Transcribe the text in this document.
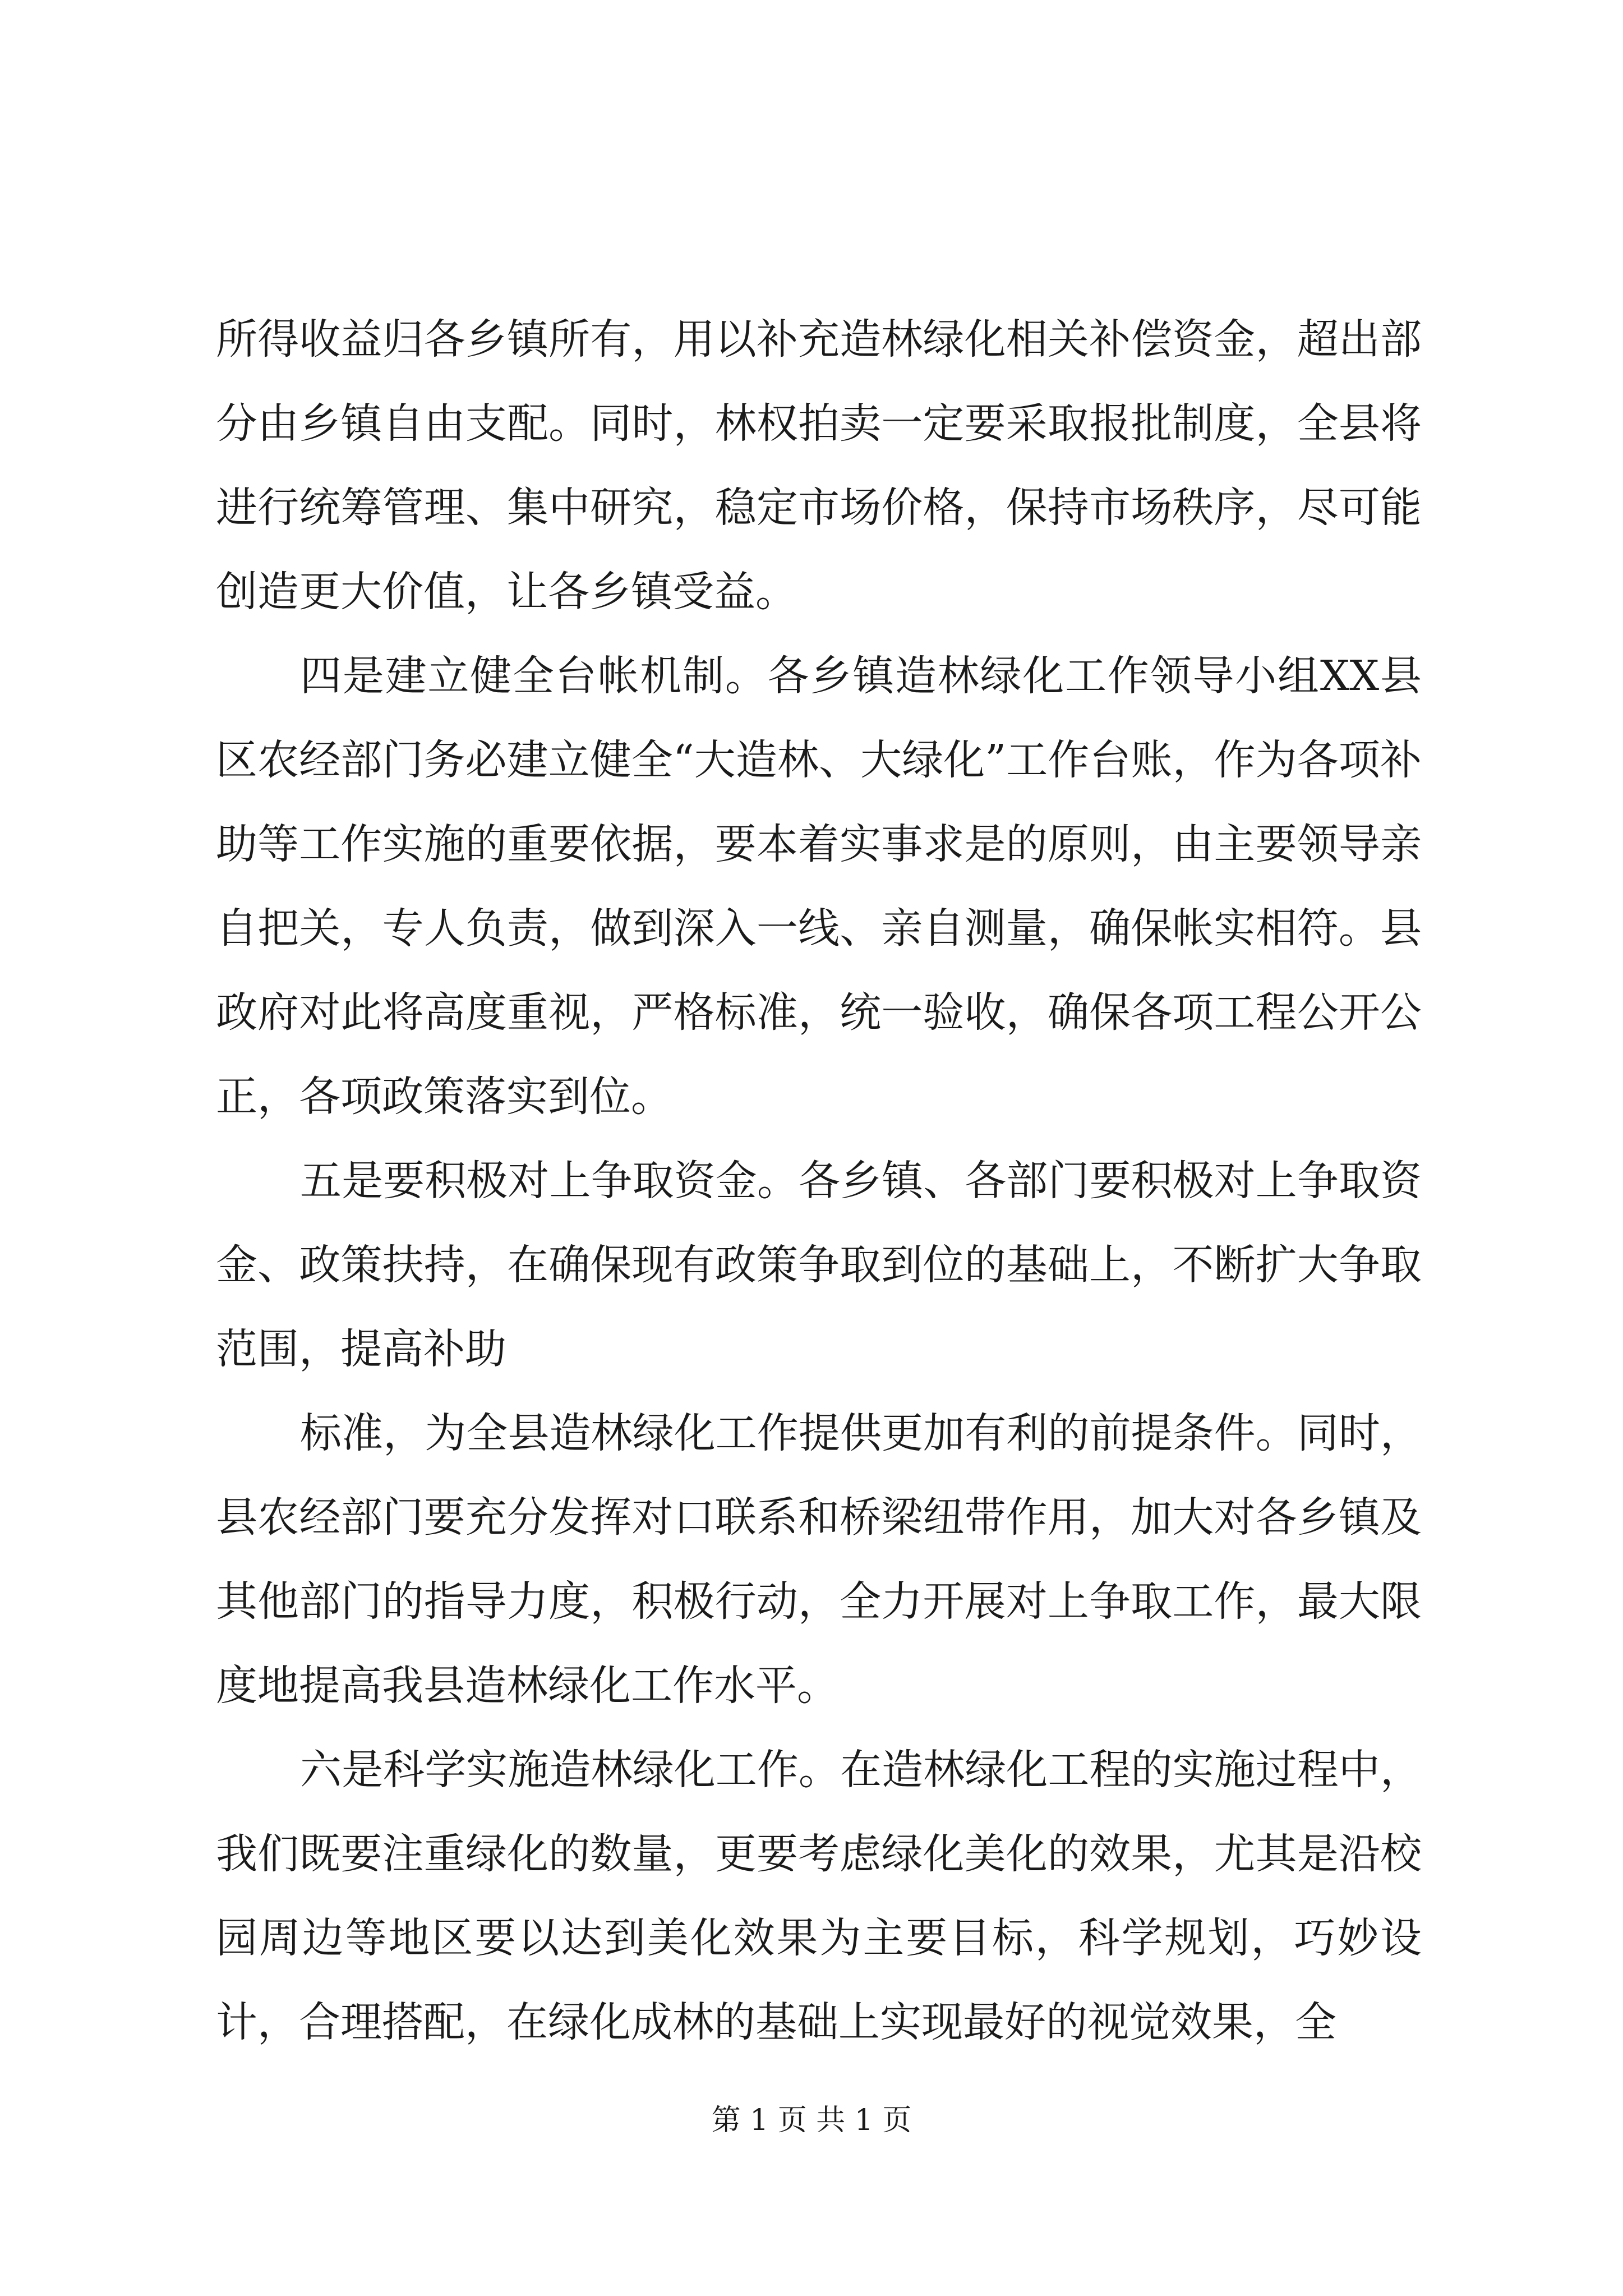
所得收益归各乡镇所有，用以补充造林绿化相关补偿资金，超出部分由乡镇自由支配。同时，林权拍卖一定要采取报批制度，全县将进行统筹管理、集中研究，稳定市场价格，保持市场秩序，尽可能创造更大价值，让各乡镇受益。

四是建立健全台帐机制。各乡镇造林绿化工作领导小组XX县区农经部门务必建立健全“大造林、大绿化”工作台账，作为各项补助等工作实施的重要依据，要本着实事求是的原则，由主要领导亲自把关，专人负责，做到深入一线、亲自测量，确保帐实相符。县政府对此将高度重视，严格标准，统一验收，确保各项工程公开公正，各项政策落实到位。

五是要积极对上争取资金。各乡镇、各部门要积极对上争取资金、政策扶持，在确保现有政策争取到位的基础上，不断扩大争取范围，提高补助

标准，为全县造林绿化工作提供更加有利的前提条件。同时，县农经部门要充分发挥对口联系和桥梁纽带作用，加大对各乡镇及其他部门的指导力度，积极行动，全力开展对上争取工作，最大限度地提高我县造林绿化工作水平。

六是科学实施造林绿化工作。在造林绿化工程的实施过程中，我们既要注重绿化的数量，更要考虑绿化美化的效果，尤其是沿校园周边等地区要以达到美化效果为主要目标，科学规划，巧妙设计，合理搭配，在绿化成林的基础上实现最好的视觉效果，全

第 1 页 共 1 页
